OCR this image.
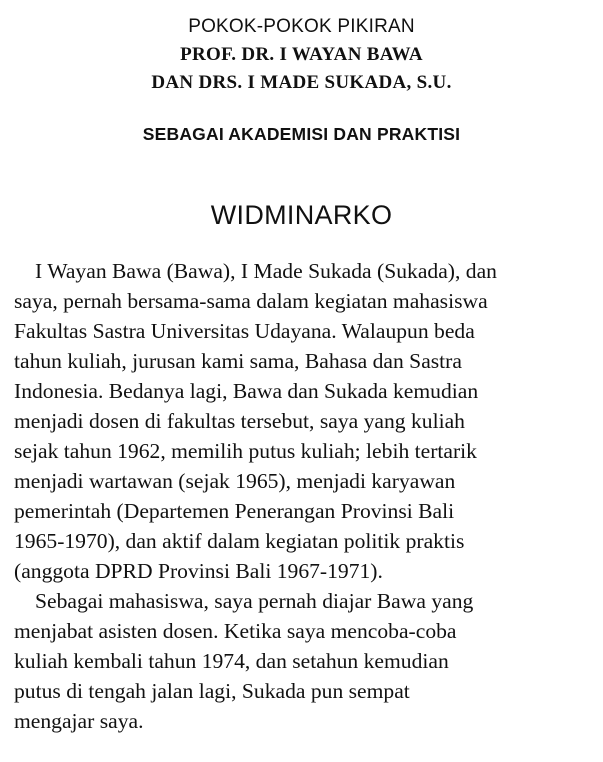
POKOK-POKOK PIKIRAN
PROF. DR. I WAYAN BAWA
DAN DRS. I MADE SUKADA, S.U.
SEBAGAI AKADEMISI DAN PRAKTISI
WIDMINARKO
I Wayan Bawa (Bawa), I Made Sukada (Sukada), dan
saya, pernah bersama-sama dalam kegiatan mahasiswa
Fakultas Sastra Universitas Udayana. Walaupun beda
tahun kuliah, jurusan kami sama, Bahasa dan Sastra
Indonesia. Bedanya lagi, Bawa dan Sukada kemudian
menjadi dosen di fakultas tersebut, saya yang kuliah
sejak tahun 1962, memilih putus kuliah; lebih tertarik
menjadi wartawan (sejak 1965), menjadi karyawan
pemerintah (Departemen Penerangan Provinsi Bali
1965-1970), dan aktif dalam kegiatan politik praktis
(anggota DPRD Provinsi Bali 1967-1971).
Sebagai mahasiswa, saya pernah diajar Bawa yang
menjabat asisten dosen. Ketika saya mencoba-coba
kuliah kembali tahun 1974, dan setahun kemudian
putus di tengah jalan lagi, Sukada pun sempat
mengajar saya.
